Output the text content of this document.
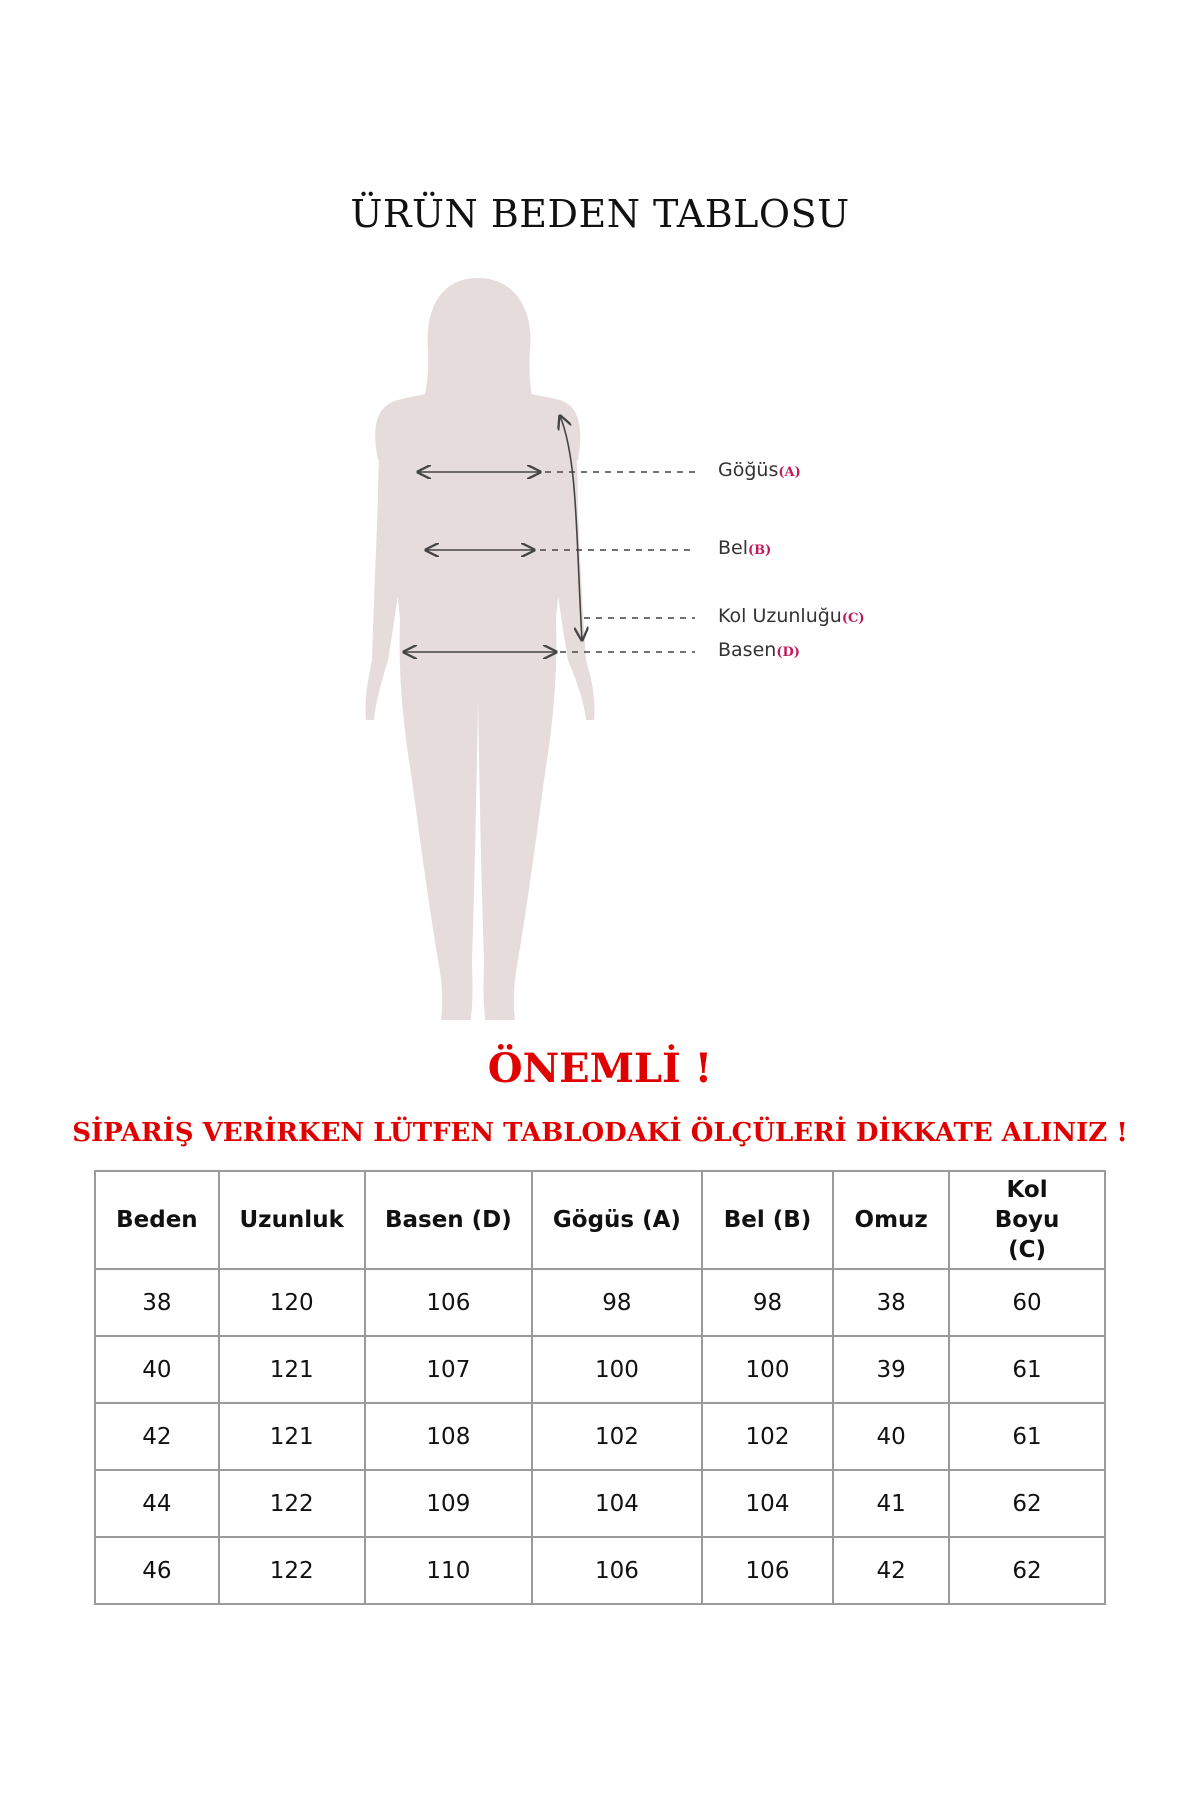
ÜRÜN BEDEN TABLOSU
Göğüs(A)
Bel(B)
Kol Uzunluğu(C)
Basen(D)
ÖNEMLİ !
SİPARİŞ VERİRKEN LÜTFEN TABLODAKİ ÖLÇÜLERİ DİKKATE ALINIZ !
Beden	Uzunluk	Basen (D)	Gögüs (A)	Bel (B)	Omuz	Kol Boyu (C)
38	120	106	98	98	38	60
40	121	107	100	100	39	61
42	121	108	102	102	40	61
44	122	109	104	104	41	62
46	122	110	106	106	42	62
